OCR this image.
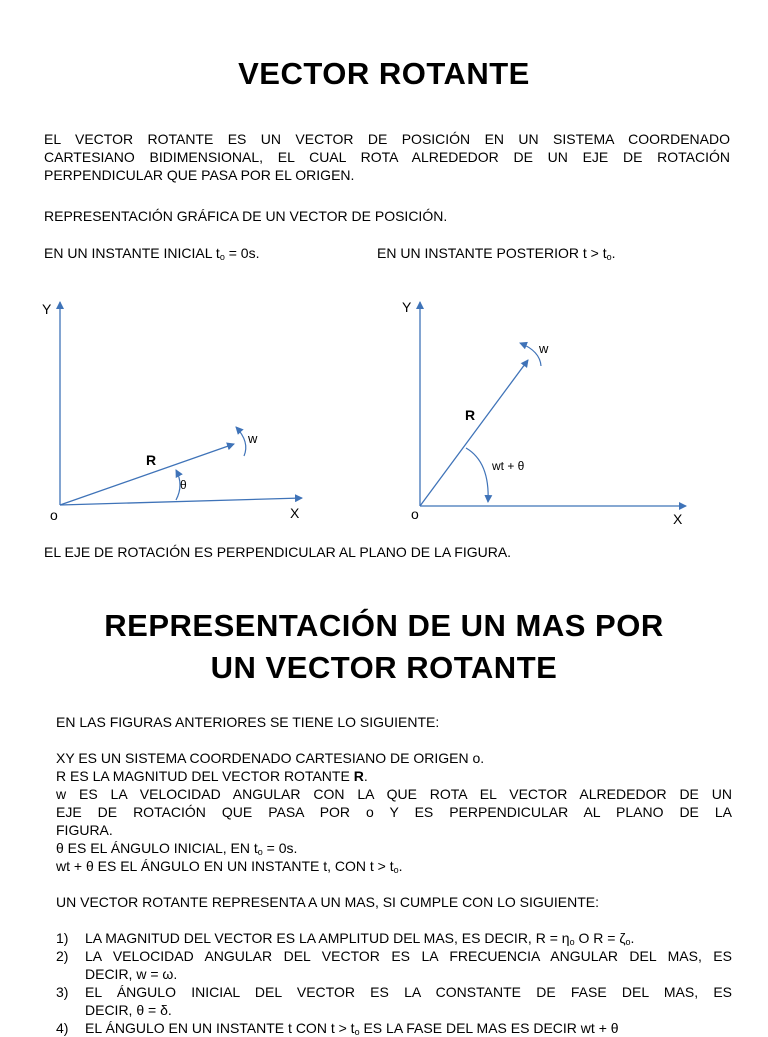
VECTOR ROTANTE
EL VECTOR ROTANTE ES UN VECTOR DE POSICIÓN EN UN SISTEMA COORDENADO
CARTESIANO BIDIMENSIONAL, EL CUAL ROTA ALREDEDOR DE UN EJE DE ROTACIÓN
PERPENDICULAR QUE PASA POR EL ORIGEN.
REPRESENTACIÓN GRÁFICA DE UN VECTOR DE POSICIÓN.
EN UN INSTANTE INICIAL $t_o = 0s$.	EN UN INSTANTE POSTERIOR $t > t_o$.
Y
X
o
R
w
θ
Y
X
o
R
w
wt + θ
EL EJE DE ROTACIÓN ES PERPENDICULAR AL PLANO DE LA FIGURA.
REPRESENTACIÓN DE UN MAS POR
UN VECTOR ROTANTE
EN LAS FIGURAS ANTERIORES SE TIENE LO SIGUIENTE:
XY ES UN SISTEMA COORDENADO CARTESIANO DE ORIGEN o.
R ES LA MAGNITUD DEL VECTOR ROTANTE R.
w ES LA VELOCIDAD ANGULAR CON LA QUE ROTA EL VECTOR ALREDEDOR DE UN
EJE DE ROTACIÓN QUE PASA POR o Y ES PERPENDICULAR AL PLANO DE LA
FIGURA.
θ ES EL ÁNGULO INICIAL, EN $t_o = 0s$.
wt + θ ES EL ÁNGULO EN UN INSTANTE t, CON $t > t_o$.
UN VECTOR ROTANTE REPRESENTA A UN MAS, SI CUMPLE CON LO SIGUIENTE:
1) LA MAGNITUD DEL VECTOR ES LA AMPLITUD DEL MAS, ES DECIR, $R = \eta_o$ O $R = \zeta_o$.
2) LA VELOCIDAD ANGULAR DEL VECTOR ES LA FRECUENCIA ANGULAR DEL MAS, ES
DECIR, w = ω.
3) EL ÁNGULO INICIAL DEL VECTOR ES LA CONSTANTE DE FASE DEL MAS, ES
DECIR, θ = δ.
4) EL ÁNGULO EN UN INSTANTE t CON $t > t_o$ ES LA FASE DEL MAS ES DECIR wt + θ
